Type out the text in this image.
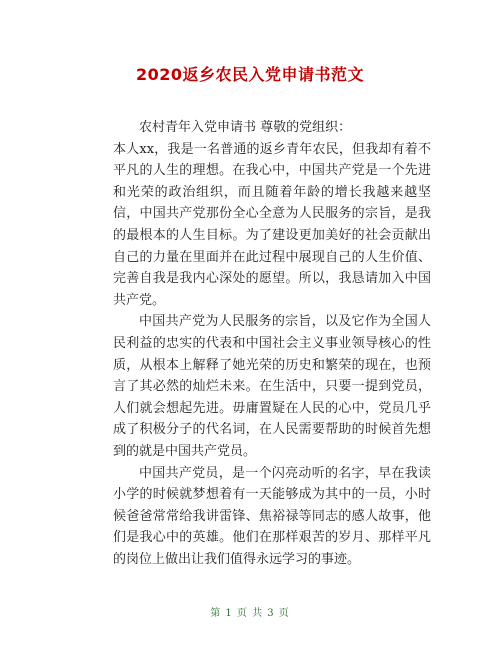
2020返乡农民入党申请书范文

农村青年入党申请书 尊敬的党组织：

本人xx，我是一名普通的返乡青年农民，但我却有着不平凡的人生的理想。在我心中，中国共产党是一个先进和光荣的政治组织，而且随着年龄的增长我越来越坚信，中国共产党那份全心全意为人民服务的宗旨，是我的最根本的人生目标。为了建设更加美好的社会贡献出自己的力量在里面并在此过程中展现自己的人生价值、完善自我是我内心深处的愿望。所以，我恳请加入中国共产党。

中国共产党为人民服务的宗旨，以及它作为全国人民利益的忠实的代表和中国社会主义事业领导核心的性质，从根本上解释了她光荣的历史和繁荣的现在，也预言了其必然的灿烂未来。在生活中，只要一提到党员，人们就会想起先进。毋庸置疑在人民的心中，党员几乎成了积极分子的代名词，在人民需要帮助的时候首先想到的就是中国共产党员。

中国共产党员，是一个闪亮动听的名字，早在我读小学的时候就梦想着有一天能够成为其中的一员，小时候爸爸常常给我讲雷锋、焦裕禄等同志的感人故事，他们是我心中的英雄。他们在那样艰苦的岁月、那样平凡的岗位上做出让我们值得永远学习的事迹。

第 1 页 共 3 页
